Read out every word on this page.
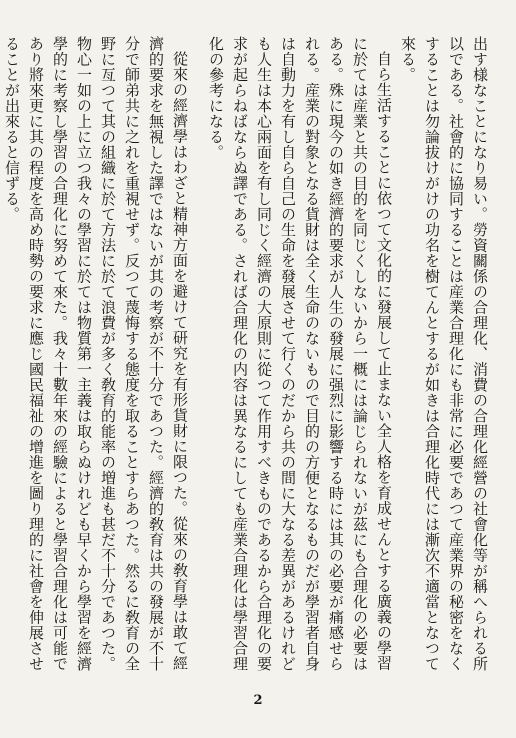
出す様なことになり易い。勞資關係の合理化、消費の合理化經營の社會化等が稱へられる所以である。社會的に協同することは産業合理化にも非常に必要であつて産業界の秘密をなくすることは勿論拔けがけの功名を樹てんとするが如きは合理化時代には漸次不適當となつて來る。

自ら生活することに依つて文化的に發展して止まない全人格を育成せんとする廣義の學習に於ては産業と共の目的を同じくしないから一概には論じられないが茲にも合理化の必要はある。殊に現今の如き經濟的要求が人生の發展に强烈に影響する時には其の必要が痛感せられる。産業の對象となる貨財は全く生命のないもので目的の方便となるものだが學習者自身は自動力を有し自ら自己の生命を發展させて行くのだから共の間に大なる差異があるけれども人生は本心兩面を有し同じく經濟の大原則に從つて作用すべきものであるから合理化の要求が起らねばならぬ譯である。されば合理化の内容は異なるにしても産業合理化は學習合理化の參考になる。

從來の經濟學はわざと精神方面を避けて研究を有形貨財に限つた。從來の敎育學は敢て經濟的要求を無視した譯ではないが其の考察が不十分であつた。經濟的敎育は共の發展が不十分で師弟共に之れを重視せず。反つて蔑悔する態度を取ることすらあつた。然るに敎育の全野に亙つて其の組織に於て方法に於て浪費が多く敎育的能率の増進も甚だ不十分であつた。物心一如の上に立つ我々の學習に於ては物質第一主義は取らぬけれども早くから學習を經濟學的に考察し學習の合理化に努めて來た。我々十數年來の經驗によると學習合理化は可能であり將來更に其の程度を高め時勢の要求に應じ國民福祉の增進を圖り理的に社會を伸展させることが出來ると信ずる。

2
